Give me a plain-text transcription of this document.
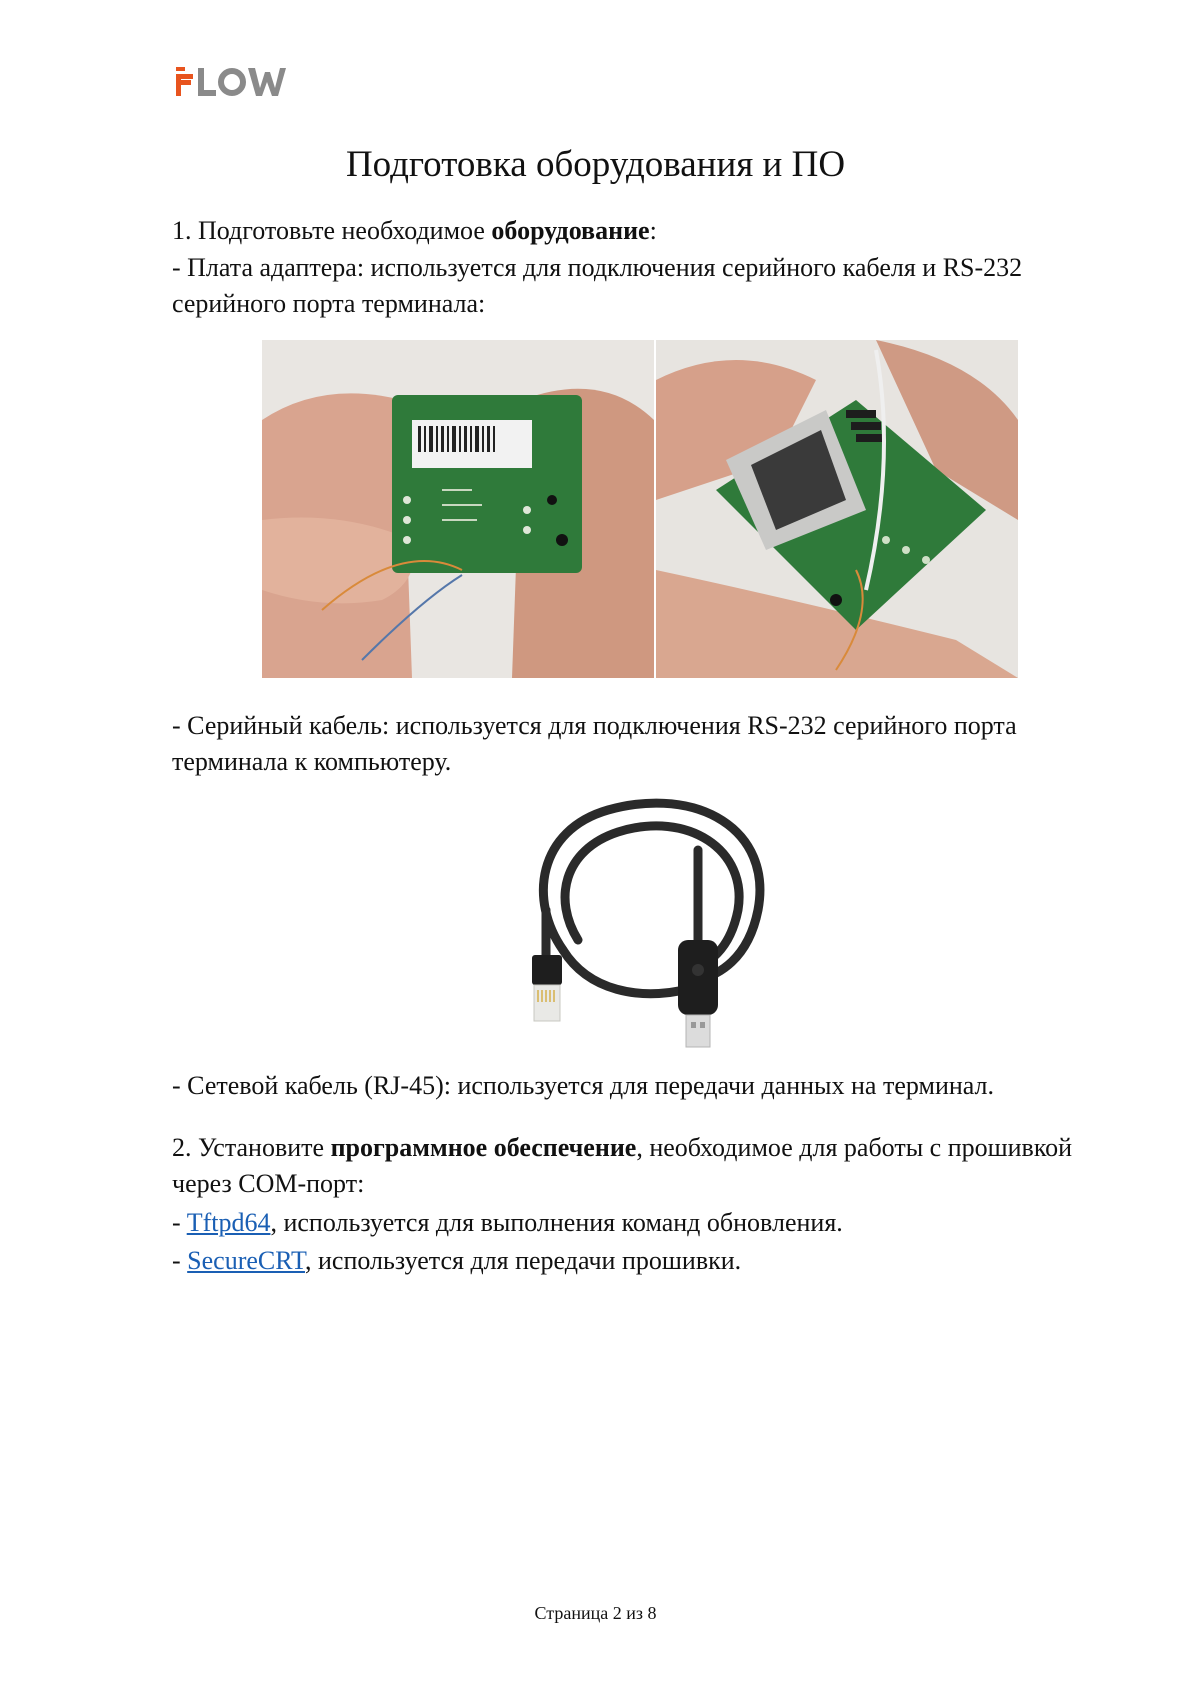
Подготовка оборудования и ПО

1. Подготовьте необходимое оборудование:

- Плата адаптера: используется для подключения серийного кабеля и RS-232 серийного порта терминала:

- Серийный кабель: используется для подключения RS-232 серийного порта терминала к компьютеру.

- Сетевой кабель (RJ-45): используется для передачи данных на терминал.

2. Установите программное обеспечение, необходимое для работы с прошивкой через COM-порт:

- Tftpd64, используется для выполнения команд обновления.

- SecureCRT, используется для передачи прошивки.

Страница 2 из 8
